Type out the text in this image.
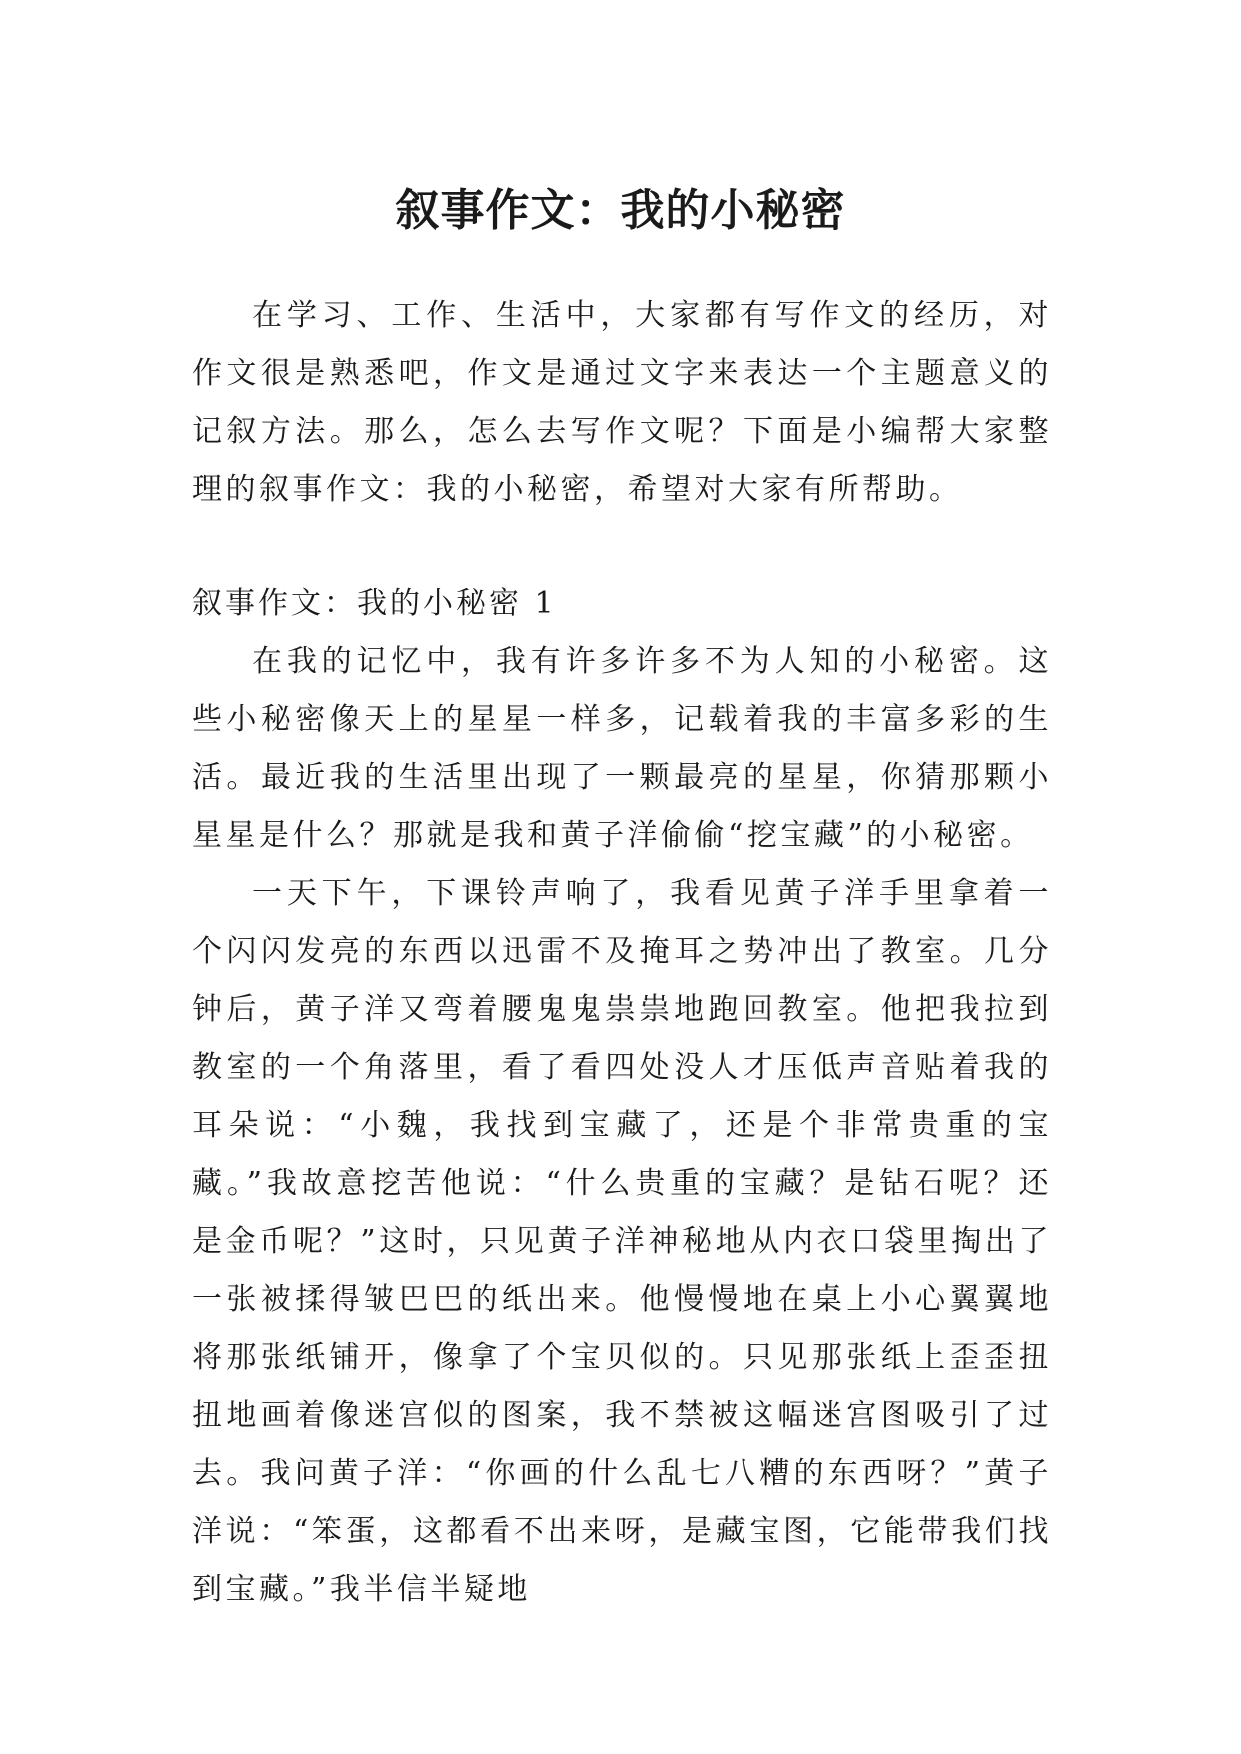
叙事作文：我的小秘密

在学习、工作、生活中，大家都有写作文的经历，对作文很是熟悉吧，作文是通过文字来表达一个主题意义的记叙方法。那么，怎么去写作文呢？下面是小编帮大家整理的叙事作文：我的小秘密，希望对大家有所帮助。

叙事作文：我的小秘密 1

在我的记忆中，我有许多许多不为人知的小秘密。这些小秘密像天上的星星一样多，记载着我的丰富多彩的生活。最近我的生活里出现了一颗最亮的星星，你猜那颗小星星是什么？那就是我和黄子洋偷偷“挖宝藏”的小秘密。

一天下午，下课铃声响了，我看见黄子洋手里拿着一个闪闪发亮的东西以迅雷不及掩耳之势冲出了教室。几分钟后，黄子洋又弯着腰鬼鬼祟祟地跑回教室。他把我拉到教室的一个角落里，看了看四处没人才压低声音贴着我的耳朵说：“小魏，我找到宝藏了，还是个非常贵重的宝藏。”我故意挖苦他说：“什么贵重的宝藏？是钻石呢？还是金币呢？”这时，只见黄子洋神秘地从内衣口袋里掏出了一张被揉得皱巴巴的纸出来。他慢慢地在桌上小心翼翼地将那张纸铺开，像拿了个宝贝似的。只见那张纸上歪歪扭扭地画着像迷宫似的图案，我不禁被这幅迷宫图吸引了过去。我问黄子洋：“你画的什么乱七八糟的东西呀？”黄子洋说：“笨蛋，这都看不出来呀，是藏宝图，它能带我们找到宝藏。”我半信半疑地
